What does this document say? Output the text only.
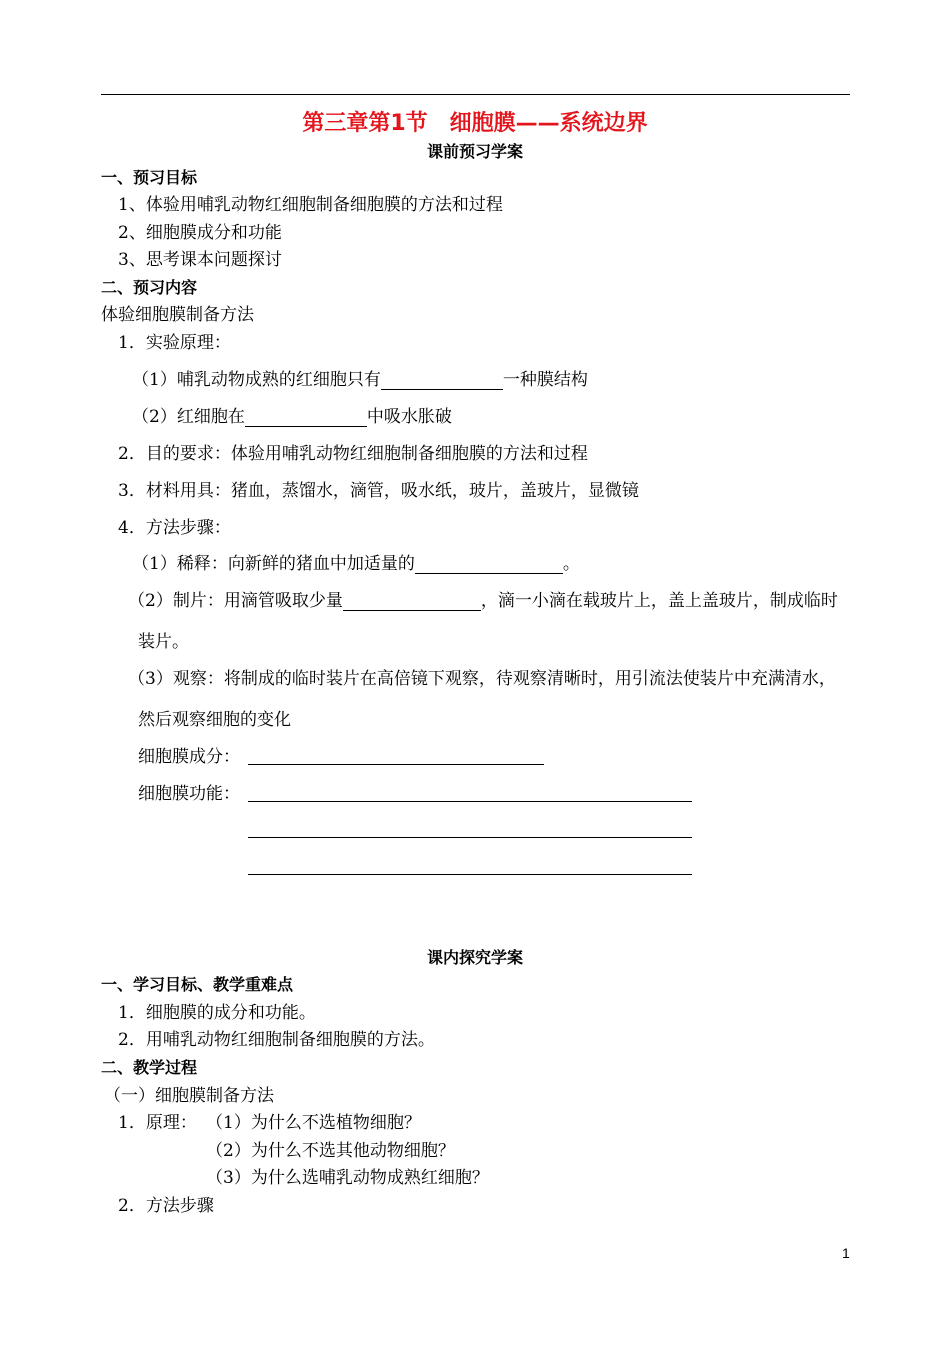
第三章第1节　细胞膜——系统边界
课前预习学案
一、预习目标
1、体验用哺乳动物红细胞制备细胞膜的方法和过程
2、细胞膜成分和功能
3、思考课本问题探讨
二、预习内容
体验细胞膜制备方法
1．实验原理：
（1）哺乳动物成熟的红细胞只有	一种膜结构
（2）红细胞在	中吸水胀破
2．目的要求：体验用哺乳动物红细胞制备细胞膜的方法和过程
3．材料用具：猪血，蒸馏水，滴管，吸水纸，玻片，盖玻片，显微镜
4．方法步骤：
（1）稀释：向新鲜的猪血中加适量的	。
（2）制片：用滴管吸取少量	，滴一小滴在载玻片上，盖上盖玻片，制成临时
装片。
（3）观察：将制成的临时装片在高倍镜下观察，待观察清晰时，用引流法使装片中充满清水，
然后观察细胞的变化
细胞膜成分：
细胞膜功能：
课内探究学案
一、学习目标、教学重难点
1．细胞膜的成分和功能。
2．用哺乳动物红细胞制备细胞膜的方法。
二、教学过程
（一）细胞膜制备方法
1．原理： （1）为什么不选植物细胞？
（2）为什么不选其他动物细胞？
（3）为什么选哺乳动物成熟红细胞？
2．方法步骤
1
